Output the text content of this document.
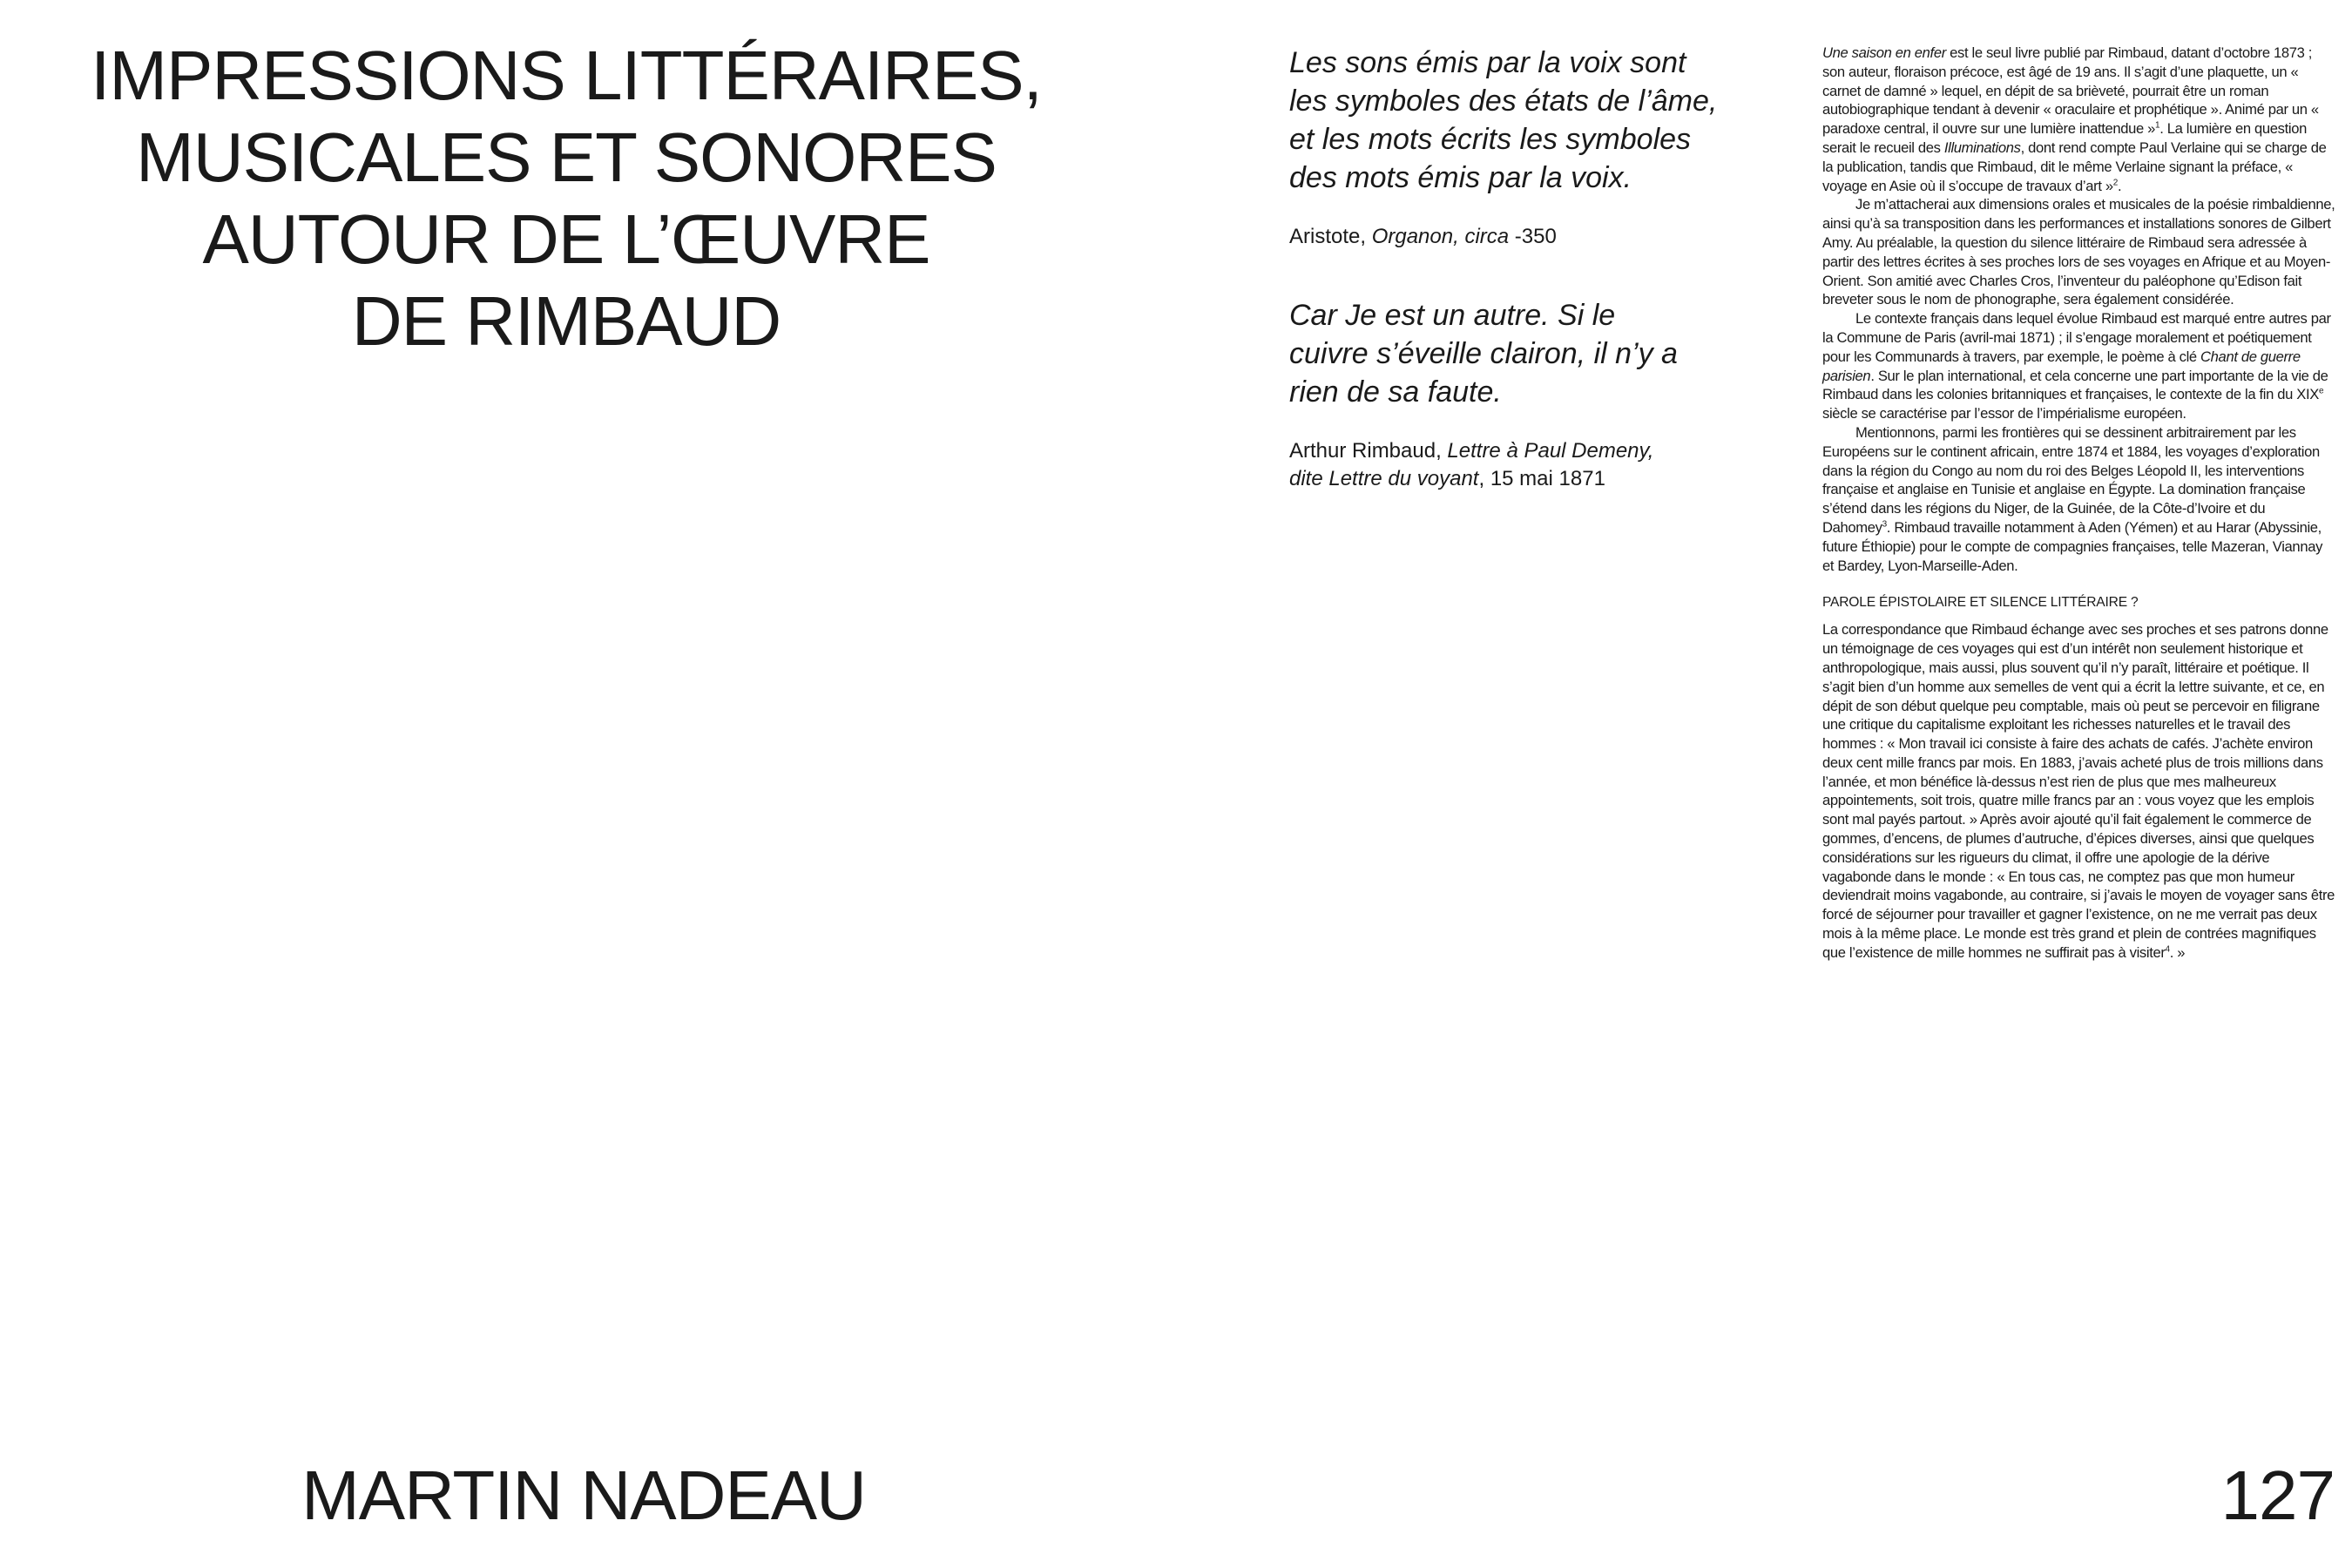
IMPRESSIONS LITTÉRAIRES,
MUSICALES ET SONORES
AUTOUR DE L’ŒUVRE
DE RIMBAUD

MARTIN NADEAU

Les sons émis par la voix sont
les symboles des états de l’âme,
et les mots écrits les symboles
des mots émis par la voix.

Aristote, Organon, circa -350

Car Je est un autre. Si le
cuivre s’éveille clairon, il n’y a
rien de sa faute.

Arthur Rimbaud, Lettre à Paul Demeny,
dite Lettre du voyant, 15 mai 1871

Une saison en enfer est le seul livre publié par Rimbaud, datant d’octobre 1873 ; son auteur, floraison précoce, est âgé de 19 ans. Il s’agit d’une plaquette, un « carnet de damné » lequel, en dépit de sa brièveté, pourrait être un roman autobiographique tendant à devenir « oraculaire et prophétique ». Animé par un « paradoxe central, il ouvre sur une lumière inattendue »$^1$. La lumière en question serait le recueil des Illuminations, dont rend compte Paul Verlaine qui se charge de la publication, tandis que Rimbaud, dit le même Verlaine signant la préface, « voyage en Asie où il s’occupe de travaux d’art »$^2$.

Je m’attacherai aux dimensions orales et musicales de la poésie rimbaldienne, ainsi qu’à sa transposition dans les performances et installations sonores de Gilbert Amy. Au préalable, la question du silence littéraire de Rimbaud sera adressée à partir des lettres écrites à ses proches lors de ses voyages en Afrique et au Moyen-Orient. Son amitié avec Charles Cros, l’inventeur du paléophone qu’Edison fait breveter sous le nom de phonographe, sera également considérée.

Le contexte français dans lequel évolue Rimbaud est marqué entre autres par la Commune de Paris (avril-mai 1871) ; il s’engage moralement et poétiquement pour les Communards à travers, par exemple, le poème à clé Chant de guerre parisien. Sur le plan international, et cela concerne une part importante de la vie de Rimbaud dans les colonies britanniques et françaises, le contexte de la fin du XIXe siècle se caractérise par l’essor de l’impérialisme européen.

Mentionnons, parmi les frontières qui se dessinent arbitrairement par les Européens sur le continent africain, entre 1874 et 1884, les voyages d’exploration dans la région du Congo au nom du roi des Belges Léopold II, les interventions française et anglaise en Tunisie et anglaise en Égypte. La domination française s’étend dans les régions du Niger, de la Guinée, de la Côte-d’Ivoire et du Dahomey$^3$. Rimbaud travaille notamment à Aden (Yémen) et au Harar (Abyssinie, future Éthiopie) pour le compte de compagnies françaises, telle Mazeran, Viannay et Bardey, Lyon-Marseille-Aden.

PAROLE ÉPISTOLAIRE ET SILENCE LITTÉRAIRE ?

La correspondance que Rimbaud échange avec ses proches et ses patrons donne un témoignage de ces voyages qui est d’un intérêt non seulement historique et anthropologique, mais aussi, plus souvent qu’il n’y paraît, littéraire et poétique. Il s’agit bien d’un homme aux semelles de vent qui a écrit la lettre suivante, et ce, en dépit de son début quelque peu comptable, mais où peut se percevoir en filigrane une critique du capitalisme exploitant les richesses naturelles et le travail des hommes : « Mon travail ici consiste à faire des achats de cafés. J’achète environ deux cent mille francs par mois. En 1883, j’avais acheté plus de trois millions dans l’année, et mon bénéfice là-dessus n’est rien de plus que mes malheureux appointements, soit trois, quatre mille francs par an : vous voyez que les emplois sont mal payés partout. » Après avoir ajouté qu’il fait également le commerce de gommes, d’encens, de plumes d’autruche, d’épices diverses, ainsi que quelques considérations sur les rigueurs du climat, il offre une apologie de la dérive vagabonde dans le monde : « En tous cas, ne comptez pas que mon humeur deviendrait moins vagabonde, au contraire, si j’avais le moyen de voyager sans être forcé de séjourner pour travailler et gagner l’existence, on ne me verrait pas deux mois à la même place. Le monde est très grand et plein de contrées magnifiques que l’existence de mille hommes ne suffirait pas à visiter$^4$. »

127
